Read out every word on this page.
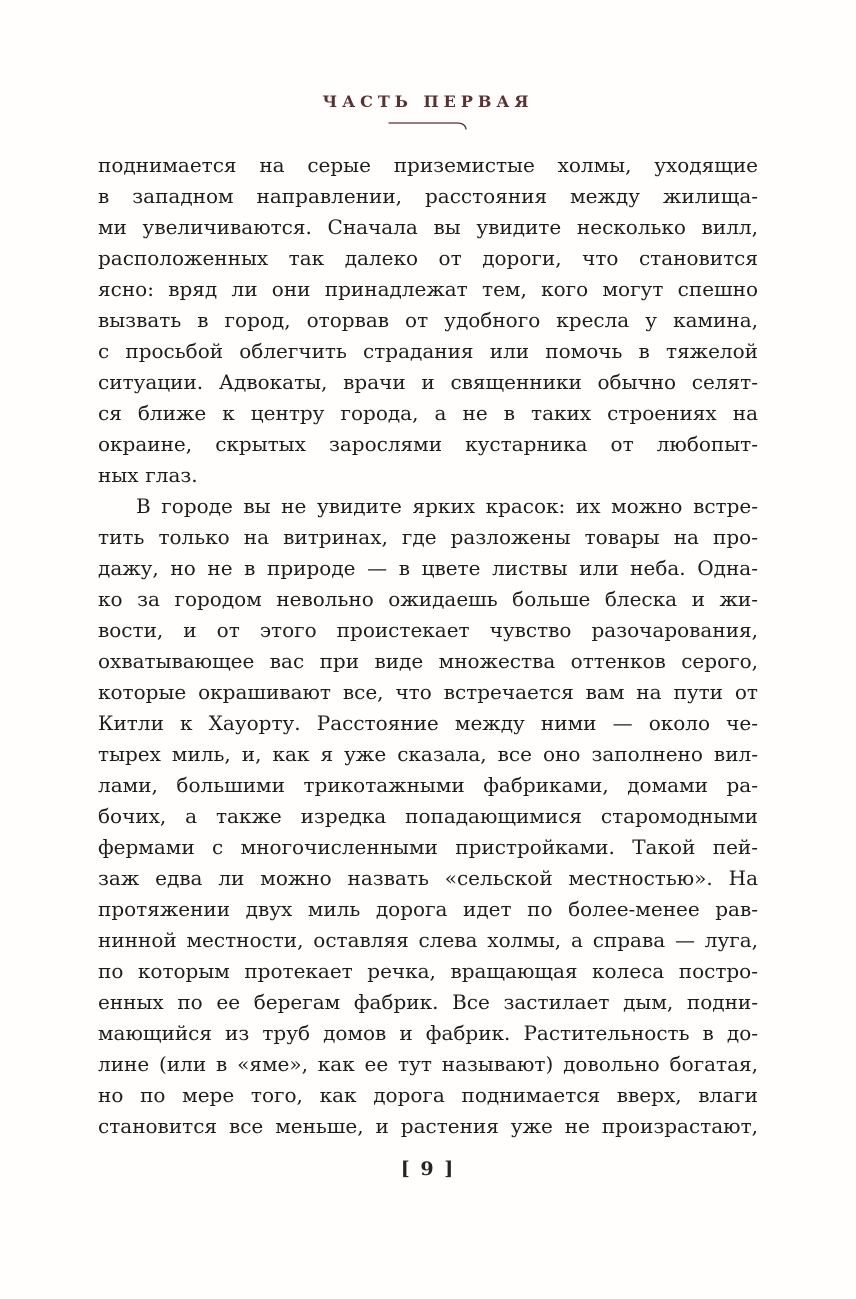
ЧАСТЬ ПЕРВАЯ
поднимается на серые приземистые холмы, уходящие
в западном направлении, расстояния между жилища-
ми увеличиваются. Сначала вы увидите несколько вилл,
расположенных так далеко от дороги, что становится
ясно: вряд ли они принадлежат тем, кого могут спешно
вызвать в город, оторвав от удобного кресла у камина,
с просьбой облегчить страдания или помочь в тяжелой
ситуации. Адвокаты, врачи и священники обычно селят-
ся ближе к центру города, а не в таких строениях на
окраине, скрытых зарослями кустарника от любопыт-
ных глаз.
В городе вы не увидите ярких красок: их можно встре-
тить только на витринах, где разложены товары на про-
дажу, но не в природе — в цвете листвы или неба. Одна-
ко за городом невольно ожидаешь больше блеска и жи-
вости, и от этого проистекает чувство разочарования,
охватывающее вас при виде множества оттенков серого,
которые окрашивают все, что встречается вам на пути от
Китли к Хауорту. Расстояние между ними — около че-
тырех миль, и, как я уже сказала, все оно заполнено вил-
лами, большими трикотажными фабриками, домами ра-
бочих, а также изредка попадающимися старомодными
фермами с многочисленными пристройками. Такой пей-
заж едва ли можно назвать «сельской местностью». На
протяжении двух миль дорога идет по более-менее рав-
нинной местности, оставляя слева холмы, а справа — луга,
по которым протекает речка, вращающая колеса постро-
енных по ее берегам фабрик. Все застилает дым, подни-
мающийся из труб домов и фабрик. Растительность в до-
лине (или в «яме», как ее тут называют) довольно богатая,
но по мере того, как дорога поднимается вверх, влаги
становится все меньше, и растения уже не произрастают,
[ 9 ]
